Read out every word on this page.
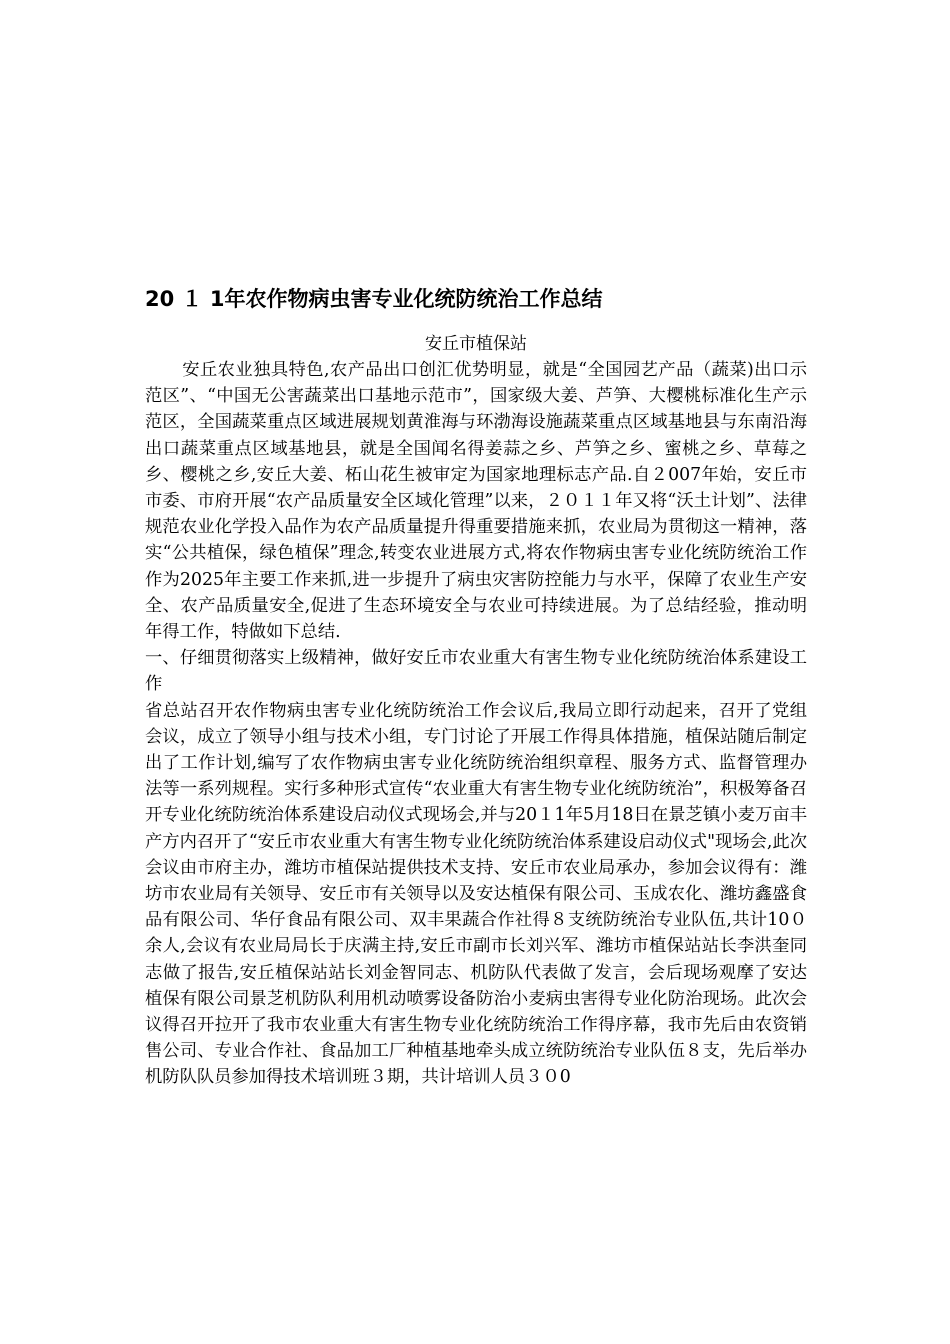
20 １ 1年农作物病虫害专业化统防统治工作总结

安丘市植保站

安丘农业独具特色,农产品出口创汇优势明显，就是“全国园艺产品（蔬菜)出口示范区”、“中国无公害蔬菜出口基地示范市”，国家级大姜、芦笋、大樱桃标准化生产示范区，全国蔬菜重点区域进展规划黄淮海与环渤海设施蔬菜重点区域基地县与东南沿海出口蔬菜重点区域基地县，就是全国闻名得姜蒜之乡、芦笋之乡、蜜桃之乡、草莓之乡、樱桃之乡,安丘大姜、柘山花生被审定为国家地理标志产品.自２007年始，安丘市市委、市府开展“农产品质量安全区域化管理”以来，２０１１年又将“沃土计划”、法律规范农业化学投入品作为农产品质量提升得重要措施来抓，农业局为贯彻这一精神，落实“公共植保，绿色植保”理念,转变农业进展方式,将农作物病虫害专业化统防统治工作作为2025年主要工作来抓,进一步提升了病虫灾害防控能力与水平，保障了农业生产安全、农产品质量安全,促进了生态环境安全与农业可持续进展。为了总结经验，推动明年得工作，特做如下总结.

一、仔细贯彻落实上级精神，做好安丘市农业重大有害生物专业化统防统治体系建设工作

省总站召开农作物病虫害专业化统防统治工作会议后,我局立即行动起来，召开了党组会议，成立了领导小组与技术小组，专门讨论了开展工作得具体措施，植保站随后制定出了工作计划,编写了农作物病虫害专业化统防统治组织章程、服务方式、监督管理办法等一系列规程。实行多种形式宣传“农业重大有害生物专业化统防统治”，积极筹备召开专业化统防统治体系建设启动仪式现场会,并与20１1年5月18日在景芝镇小麦万亩丰产方内召开了“安丘市农业重大有害生物专业化统防统治体系建设启动仪式"现场会,此次会议由市府主办，潍坊市植保站提供技术支持、安丘市农业局承办，参加会议得有：潍坊市农业局有关领导、安丘市有关领导以及安达植保有限公司、玉成农化、潍坊鑫盛食品有限公司、华仔食品有限公司、双丰果蔬合作社得８支统防统治专业队伍,共计10０余人,会议有农业局局长于庆满主持,安丘市副市长刘兴军、潍坊市植保站站长李洪奎同志做了报告,安丘植保站站长刘金智同志、机防队代表做了发言，会后现场观摩了安达植保有限公司景芝机防队利用机动喷雾设备防治小麦病虫害得专业化防治现场。此次会议得召开拉开了我市农业重大有害生物专业化统防统治工作得序幕，我市先后由农资销售公司、专业合作社、食品加工厂种植基地牵头成立统防统治专业队伍８支，先后举办机防队队员参加得技术培训班３期，共计培训人员３０0
